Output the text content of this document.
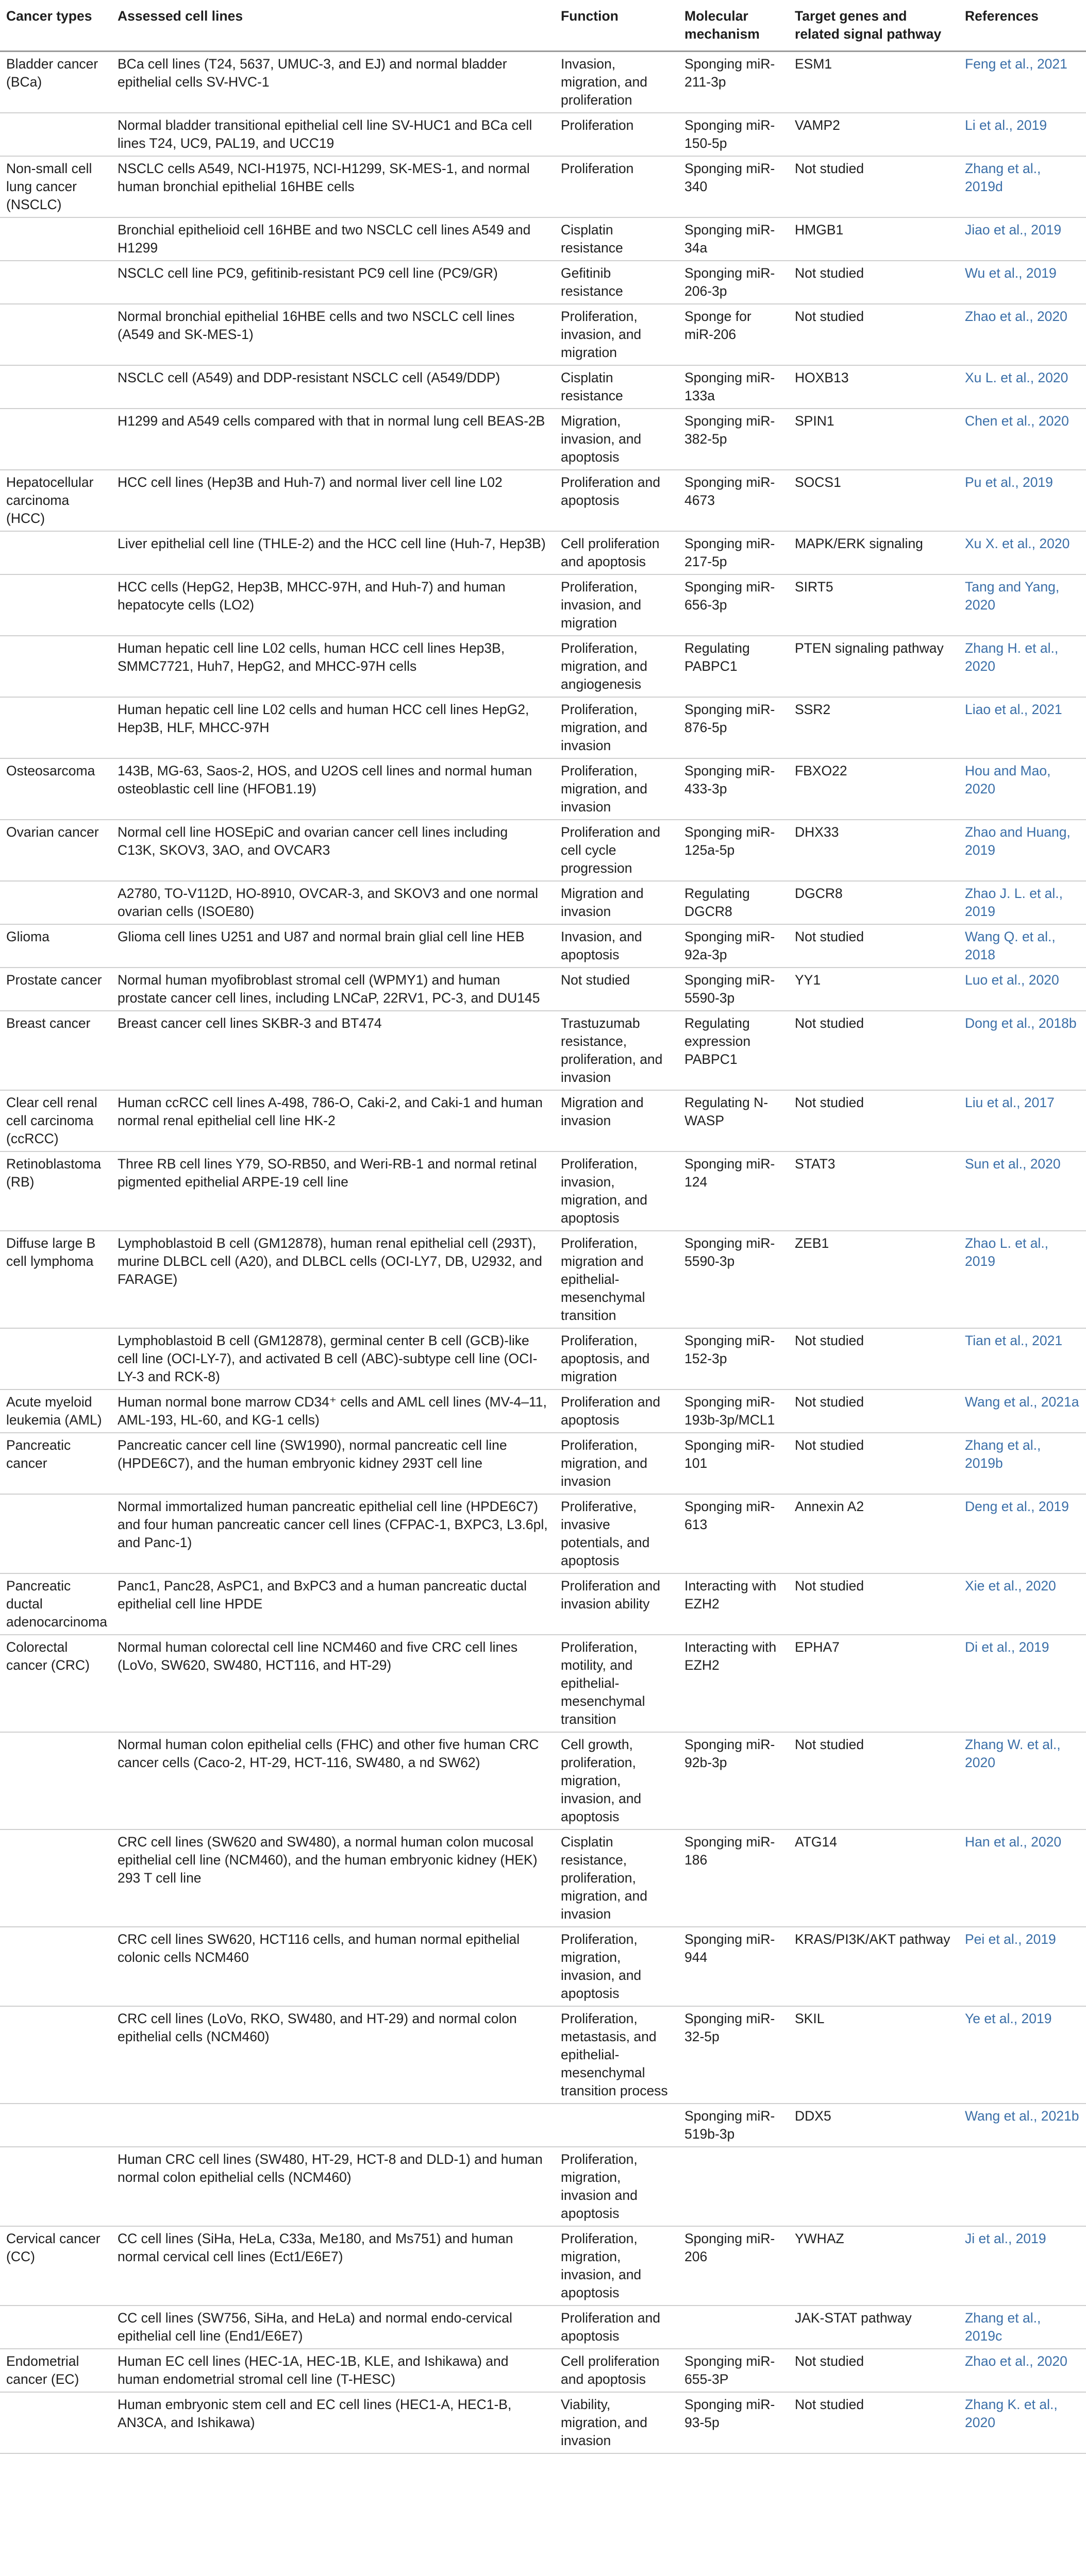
Cancer types	Assessed cell lines	Function	Molecular mechanism	Target genes and related signal pathway	References
Bladder cancer (BCa)	BCa cell lines (T24, 5637, UMUC-3, and EJ) and normal bladder epithelial cells SV-HVC-1	Invasion, migration, and proliferation	Sponging miR-211-3p	ESM1	Feng et al., 2021
	Normal bladder transitional epithelial cell line SV-HUC1 and BCa cell lines T24, UC9, PAL19, and UCC19	Proliferation	Sponging miR-150-5p	VAMP2	Li et al., 2019
Non-small cell lung cancer (NSCLC)	NSCLC cells A549, NCI-H1975, NCI-H1299, SK-MES-1, and normal human bronchial epithelial 16HBE cells	Proliferation	Sponging miR-340	Not studied	Zhang et al., 2019d
	Bronchial epithelioid cell 16HBE and two NSCLC cell lines A549 and H1299	Cisplatin resistance	Sponging miR-34a	HMGB1	Jiao et al., 2019
	NSCLC cell line PC9, gefitinib-resistant PC9 cell line (PC9/GR)	Gefitinib resistance	Sponging miR-206-3p	Not studied	Wu et al., 2019
	Normal bronchial epithelial 16HBE cells and two NSCLC cell lines (A549 and SK-MES-1)	Proliferation, invasion, and migration	Sponge for miR-206	Not studied	Zhao et al., 2020
	NSCLC cell (A549) and DDP-resistant NSCLC cell (A549/DDP)	Cisplatin resistance	Sponging miR-133a	HOXB13	Xu L. et al., 2020
	H1299 and A549 cells compared with that in normal lung cell BEAS-2B	Migration, invasion, and apoptosis	Sponging miR-382-5p	SPIN1	Chen et al., 2020
Hepatocellular carcinoma (HCC)	HCC cell lines (Hep3B and Huh-7) and normal liver cell line L02	Proliferation and apoptosis	Sponging miR-4673	SOCS1	Pu et al., 2019
	Liver epithelial cell line (THLE-2) and the HCC cell line (Huh-7, Hep3B)	Cell proliferation and apoptosis	Sponging miR-217-5p	MAPK/ERK signaling	Xu X. et al., 2020
	HCC cells (HepG2, Hep3B, MHCC-97H, and Huh-7) and human hepatocyte cells (LO2)	Proliferation, invasion, and migration	Sponging miR-656-3p	SIRT5	Tang and Yang, 2020
	Human hepatic cell line L02 cells, human HCC cell lines Hep3B, SMMC7721, Huh7, HepG2, and MHCC-97H cells	Proliferation, migration, and angiogenesis	Regulating PABPC1	PTEN signaling pathway	Zhang H. et al., 2020
	Human hepatic cell line L02 cells and human HCC cell lines HepG2, Hep3B, HLF, MHCC-97H	Proliferation, migration, and invasion	Sponging miR-876-5p	SSR2	Liao et al., 2021
Osteosarcoma	143B, MG-63, Saos-2, HOS, and U2OS cell lines and normal human osteoblastic cell line (HFOB1.19)	Proliferation, migration, and invasion	Sponging miR-433-3p	FBXO22	Hou and Mao, 2020
Ovarian cancer	Normal cell line HOSEpiC and ovarian cancer cell lines including C13K, SKOV3, 3AO, and OVCAR3	Proliferation and cell cycle progression	Sponging miR-125a-5p	DHX33	Zhao and Huang, 2019
	A2780, TO-V112D, HO-8910, OVCAR-3, and SKOV3 and one normal ovarian cells (ISOE80)	Migration and invasion	Regulating DGCR8	DGCR8	Zhao J. L. et al., 2019
Glioma	Glioma cell lines U251 and U87 and normal brain glial cell line HEB	Invasion, and apoptosis	Sponging miR-92a-3p	Not studied	Wang Q. et al., 2018
Prostate cancer	Normal human myofibroblast stromal cell (WPMY1) and human prostate cancer cell lines, including LNCaP, 22RV1, PC-3, and DU145	Not studied	Sponging miR-5590-3p	YY1	Luo et al., 2020
Breast cancer	Breast cancer cell lines SKBR-3 and BT474	Trastuzumab resistance, proliferation, and invasion	Regulating expression PABPC1	Not studied	Dong et al., 2018b
Clear cell renal cell carcinoma (ccRCC)	Human ccRCC cell lines A-498, 786-O, Caki-2, and Caki-1 and human normal renal epithelial cell line HK-2	Migration and invasion	Regulating N-WASP	Not studied	Liu et al., 2017
Retinoblastoma (RB)	Three RB cell lines Y79, SO-RB50, and Weri-RB-1 and normal retinal pigmented epithelial ARPE-19 cell line	Proliferation, invasion, migration, and apoptosis	Sponging miR-124	STAT3	Sun et al., 2020
Diffuse large B cell lymphoma	Lymphoblastoid B cell (GM12878), human renal epithelial cell (293T), murine DLBCL cell (A20), and DLBCL cells (OCI-LY7, DB, U2932, and FARAGE)	Proliferation, migration and epithelial-mesenchymal transition	Sponging miR-5590-3p	ZEB1	Zhao L. et al., 2019
	Lymphoblastoid B cell (GM12878), germinal center B cell (GCB)-like cell line (OCI-LY-7), and activated B cell (ABC)-subtype cell line (OCI-LY-3 and RCK-8)	Proliferation, apoptosis, and migration	Sponging miR-152-3p	Not studied	Tian et al., 2021
Acute myeloid leukemia (AML)	Human normal bone marrow CD34⁺ cells and AML cell lines (MV-4–11, AML-193, HL-60, and KG-1 cells)	Proliferation and apoptosis	Sponging miR-193b-3p/MCL1	Not studied	Wang et al., 2021a
Pancreatic cancer	Pancreatic cancer cell line (SW1990), normal pancreatic cell line (HPDE6C7), and the human embryonic kidney 293T cell line	Proliferation, migration, and invasion	Sponging miR-101	Not studied	Zhang et al., 2019b
	Normal immortalized human pancreatic epithelial cell line (HPDE6C7) and four human pancreatic cancer cell lines (CFPAC-1, BXPC3, L3.6pl, and Panc-1)	Proliferative, invasive potentials, and apoptosis	Sponging miR-613	Annexin A2	Deng et al., 2019
Pancreatic ductal adenocarcinoma	Panc1, Panc28, AsPC1, and BxPC3 and a human pancreatic ductal epithelial cell line HPDE	Proliferation and invasion ability	Interacting with EZH2	Not studied	Xie et al., 2020
Colorectal cancer (CRC)	Normal human colorectal cell line NCM460 and five CRC cell lines (LoVo, SW620, SW480, HCT116, and HT-29)	Proliferation, motility, and epithelial-mesenchymal transition	Interacting with EZH2	EPHA7	Di et al., 2019
	Normal human colon epithelial cells (FHC) and other five human CRC cancer cells (Caco-2, HT-29, HCT-116, SW480, a nd SW62)	Cell growth, proliferation, migration, invasion, and apoptosis	Sponging miR-92b-3p	Not studied	Zhang W. et al., 2020
	CRC cell lines (SW620 and SW480), a normal human colon mucosal epithelial cell line (NCM460), and the human embryonic kidney (HEK) 293 T cell line	Cisplatin resistance, proliferation, migration, and invasion	Sponging miR-186	ATG14	Han et al., 2020
	CRC cell lines SW620, HCT116 cells, and human normal epithelial colonic cells NCM460	Proliferation, migration, invasion, and apoptosis	Sponging miR-944	KRAS/PI3K/AKT pathway	Pei et al., 2019
	CRC cell lines (LoVo, RKO, SW480, and HT-29) and normal colon epithelial cells (NCM460)	Proliferation, metastasis, and epithelial-mesenchymal transition process	Sponging miR-32-5p	SKIL	Ye et al., 2019
			Sponging miR-519b-3p	DDX5	Wang et al., 2021b
	Human CRC cell lines (SW480, HT-29, HCT-8 and DLD-1) and human normal colon epithelial cells (NCM460)	Proliferation, migration, invasion and apoptosis			
Cervical cancer (CC)	CC cell lines (SiHa, HeLa, C33a, Me180, and Ms751) and human normal cervical cell lines (Ect1/E6E7)	Proliferation, migration, invasion, and apoptosis	Sponging miR-206	YWHAZ	Ji et al., 2019
	CC cell lines (SW756, SiHa, and HeLa) and normal endo-cervical epithelial cell line (End1/E6E7)	Proliferation and apoptosis		JAK-STAT pathway	Zhang et al., 2019c
Endometrial cancer (EC)	Human EC cell lines (HEC-1A, HEC-1B, KLE, and Ishikawa) and human endometrial stromal cell line (T-HESC)	Cell proliferation and apoptosis	Sponging miR-655-3P	Not studied	Zhao et al., 2020
	Human embryonic stem cell and EC cell lines (HEC1-A, HEC1-B, AN3CA, and Ishikawa)	Viability, migration, and invasion	Sponging miR-93-5p	Not studied	Zhang K. et al., 2020
